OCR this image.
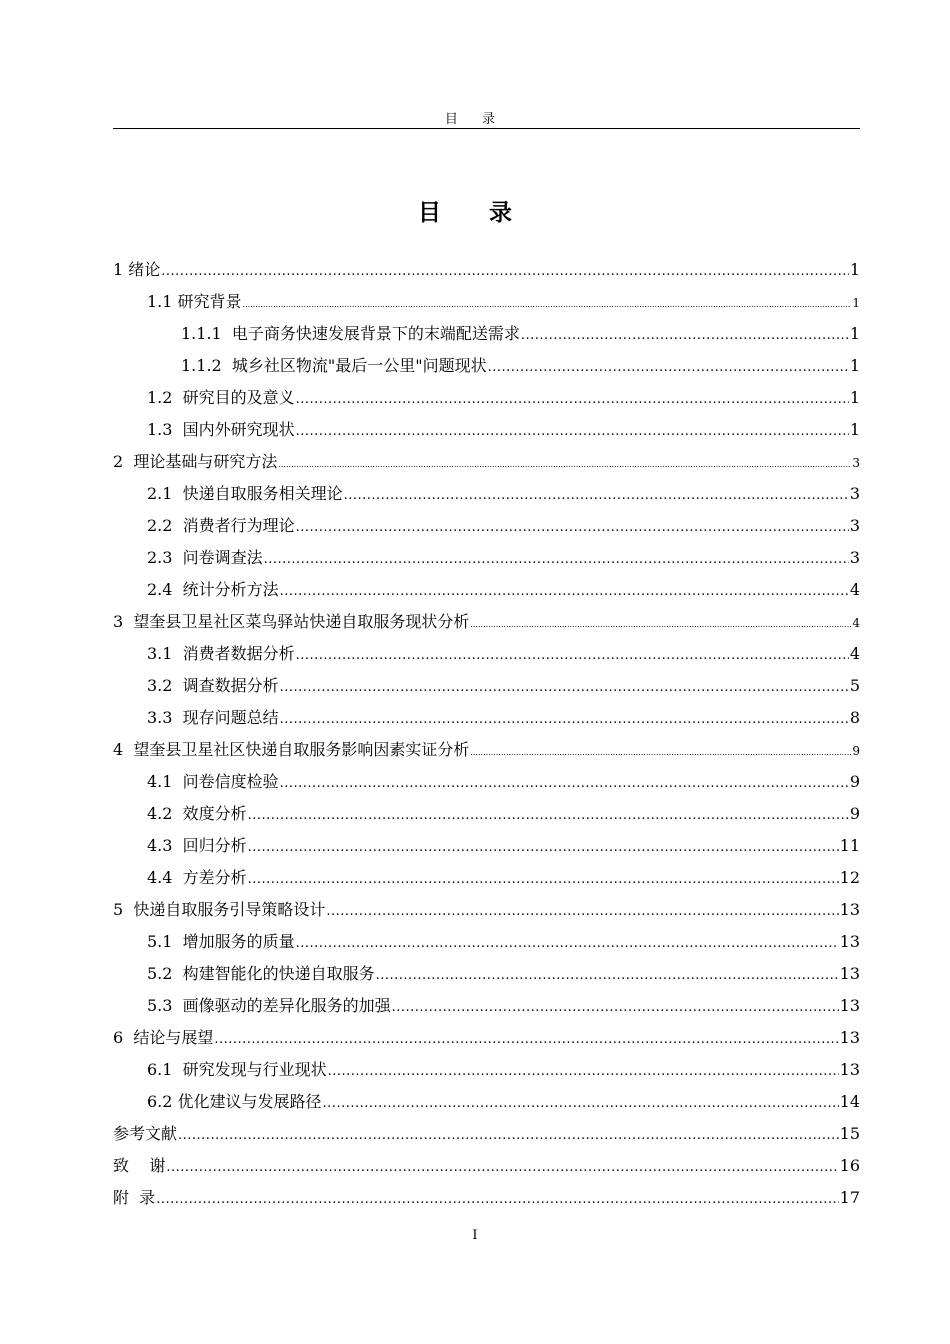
目 录
目 录
1 绪论 .....	1
1.1 研究背景 .....	1
1.1.1  电子商务快速发展背景下的末端配送需求 .....	1
1.1.2  城乡社区物流"最后一公里"问题现状 .....	1
1.2  研究目的及意义 .....	1
1.3  国内外研究现状 .....	1
2  理论基础与研究方法 .....	3
2.1  快递自取服务相关理论 .....	3
2.2  消费者行为理论 .....	3
2.3  问卷调查法 .....	3
2.4  统计分析方法 .....	4
3  望奎县卫星社区菜鸟驿站快递自取服务现状分析 .....	4
3.1  消费者数据分析 .....	4
3.2  调查数据分析 .....	5
3.3  现存问题总结 .....	8
4  望奎县卫星社区快递自取服务影响因素实证分析 .....	9
4.1  问卷信度检验 .....	9
4.2  效度分析 .....	9
4.3  回归分析 .....	11
4.4  方差分析 .....	12
5  快递自取服务引导策略设计 .....	13
5.1  增加服务的质量 .....	13
5.2  构建智能化的快递自取服务 .....	13
5.3  画像驱动的差异化服务的加强 .....	13
6  结论与展望 .....	13
6.1  研究发现与行业现状 .....	13
6.2 优化建议与发展路径 .....	14
参考文献 .....	15
致    谢 .....	16
附  录 .....	17
I
